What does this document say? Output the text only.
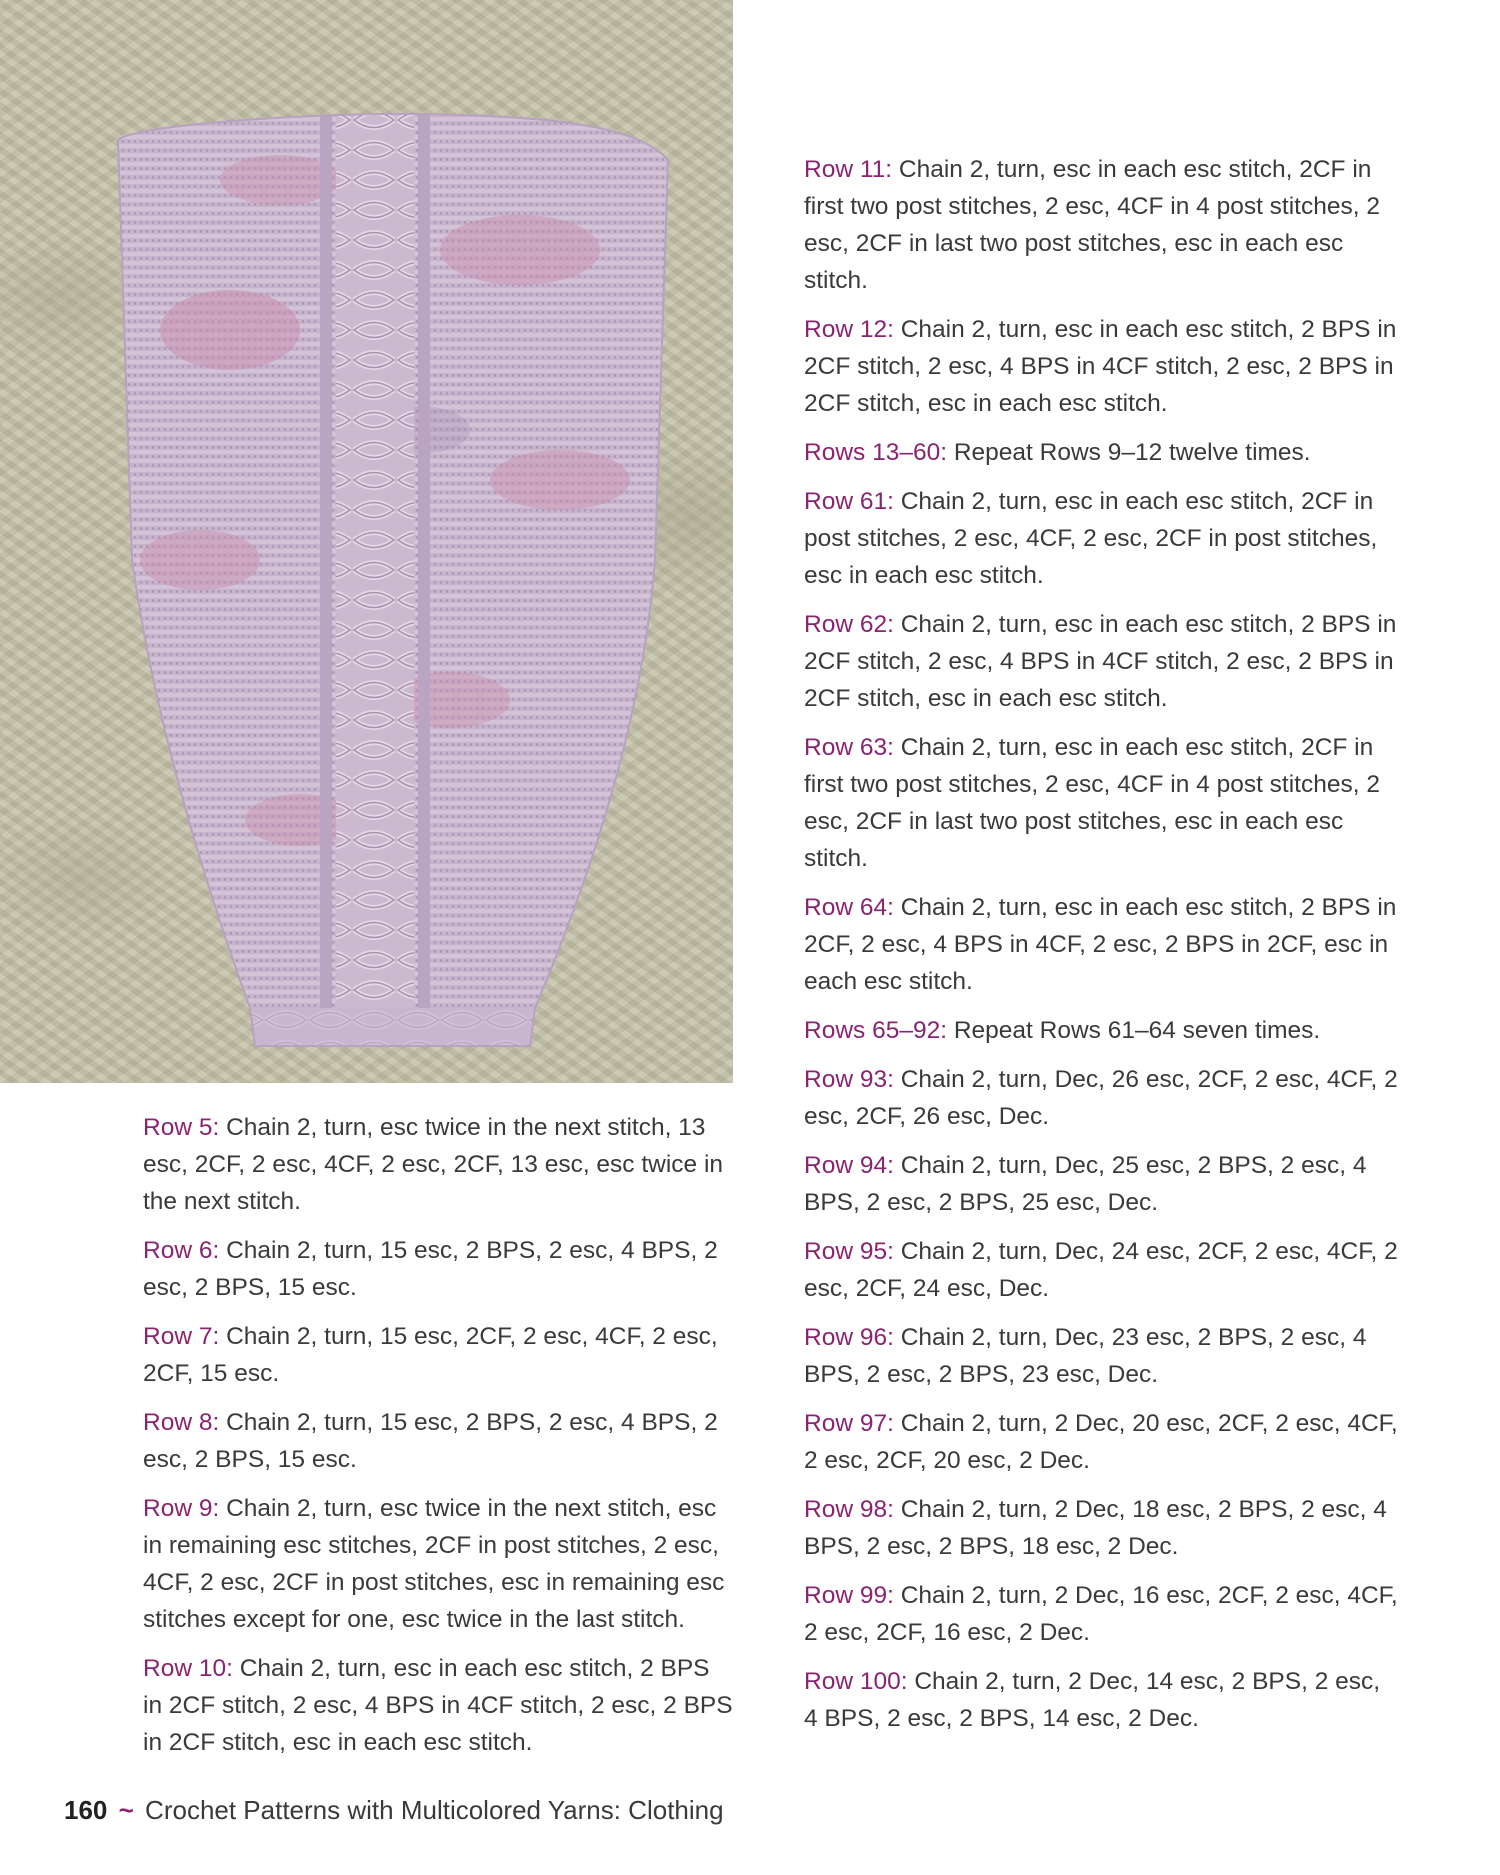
Row 5: Chain 2, turn, esc twice in the next stitch, 13 esc, 2CF, 2 esc, 4CF, 2 esc, 2CF, 13 esc, esc twice in the next stitch.

Row 6: Chain 2, turn, 15 esc, 2 BPS, 2 esc, 4 BPS, 2 esc, 2 BPS, 15 esc.

Row 7: Chain 2, turn, 15 esc, 2CF, 2 esc, 4CF, 2 esc, 2CF, 15 esc.

Row 8: Chain 2, turn, 15 esc, 2 BPS, 2 esc, 4 BPS, 2 esc, 2 BPS, 15 esc.

Row 9: Chain 2, turn, esc twice in the next stitch, esc in remaining esc stitches, 2CF in post stitches, 2 esc, 4CF, 2 esc, 2CF in post stitches, esc in remaining esc stitches except for one, esc twice in the last stitch.

Row 10: Chain 2, turn, esc in each esc stitch, 2 BPS in 2CF stitch, 2 esc, 4 BPS in 4CF stitch, 2 esc, 2 BPS in 2CF stitch, esc in each esc stitch.

Row 11: Chain 2, turn, esc in each esc stitch, 2CF in first two post stitches, 2 esc, 4CF in 4 post stitches, 2 esc, 2CF in last two post stitches, esc in each esc stitch.

Row 12: Chain 2, turn, esc in each esc stitch, 2 BPS in 2CF stitch, 2 esc, 4 BPS in 4CF stitch, 2 esc, 2 BPS in 2CF stitch, esc in each esc stitch.

Rows 13–60: Repeat Rows 9–12 twelve times.

Row 61: Chain 2, turn, esc in each esc stitch, 2CF in post stitches, 2 esc, 4CF, 2 esc, 2CF in post stitches, esc in each esc stitch.

Row 62: Chain 2, turn, esc in each esc stitch, 2 BPS in 2CF stitch, 2 esc, 4 BPS in 4CF stitch, 2 esc, 2 BPS in 2CF stitch, esc in each esc stitch.

Row 63: Chain 2, turn, esc in each esc stitch, 2CF in first two post stitches, 2 esc, 4CF in 4 post stitches, 2 esc, 2CF in last two post stitches, esc in each esc stitch.

Row 64: Chain 2, turn, esc in each esc stitch, 2 BPS in 2CF, 2 esc, 4 BPS in 4CF, 2 esc, 2 BPS in 2CF, esc in each esc stitch.

Rows 65–92: Repeat Rows 61–64 seven times.

Row 93: Chain 2, turn, Dec, 26 esc, 2CF, 2 esc, 4CF, 2 esc, 2CF, 26 esc, Dec.

Row 94: Chain 2, turn, Dec, 25 esc, 2 BPS, 2 esc, 4 BPS, 2 esc, 2 BPS, 25 esc, Dec.

Row 95: Chain 2, turn, Dec, 24 esc, 2CF, 2 esc, 4CF, 2 esc, 2CF, 24 esc, Dec.

Row 96: Chain 2, turn, Dec, 23 esc, 2 BPS, 2 esc, 4 BPS, 2 esc, 2 BPS, 23 esc, Dec.

Row 97: Chain 2, turn, 2 Dec, 20 esc, 2CF, 2 esc, 4CF, 2 esc, 2CF, 20 esc, 2 Dec.

Row 98: Chain 2, turn, 2 Dec, 18 esc, 2 BPS, 2 esc, 4 BPS, 2 esc, 2 BPS, 18 esc, 2 Dec.

Row 99: Chain 2, turn, 2 Dec, 16 esc, 2CF, 2 esc, 4CF, 2 esc, 2CF, 16 esc, 2 Dec.

Row 100: Chain 2, turn, 2 Dec, 14 esc, 2 BPS, 2 esc, 4 BPS, 2 esc, 2 BPS, 14 esc, 2 Dec.

160 ~ Crochet Patterns with Multicolored Yarns: Clothing
